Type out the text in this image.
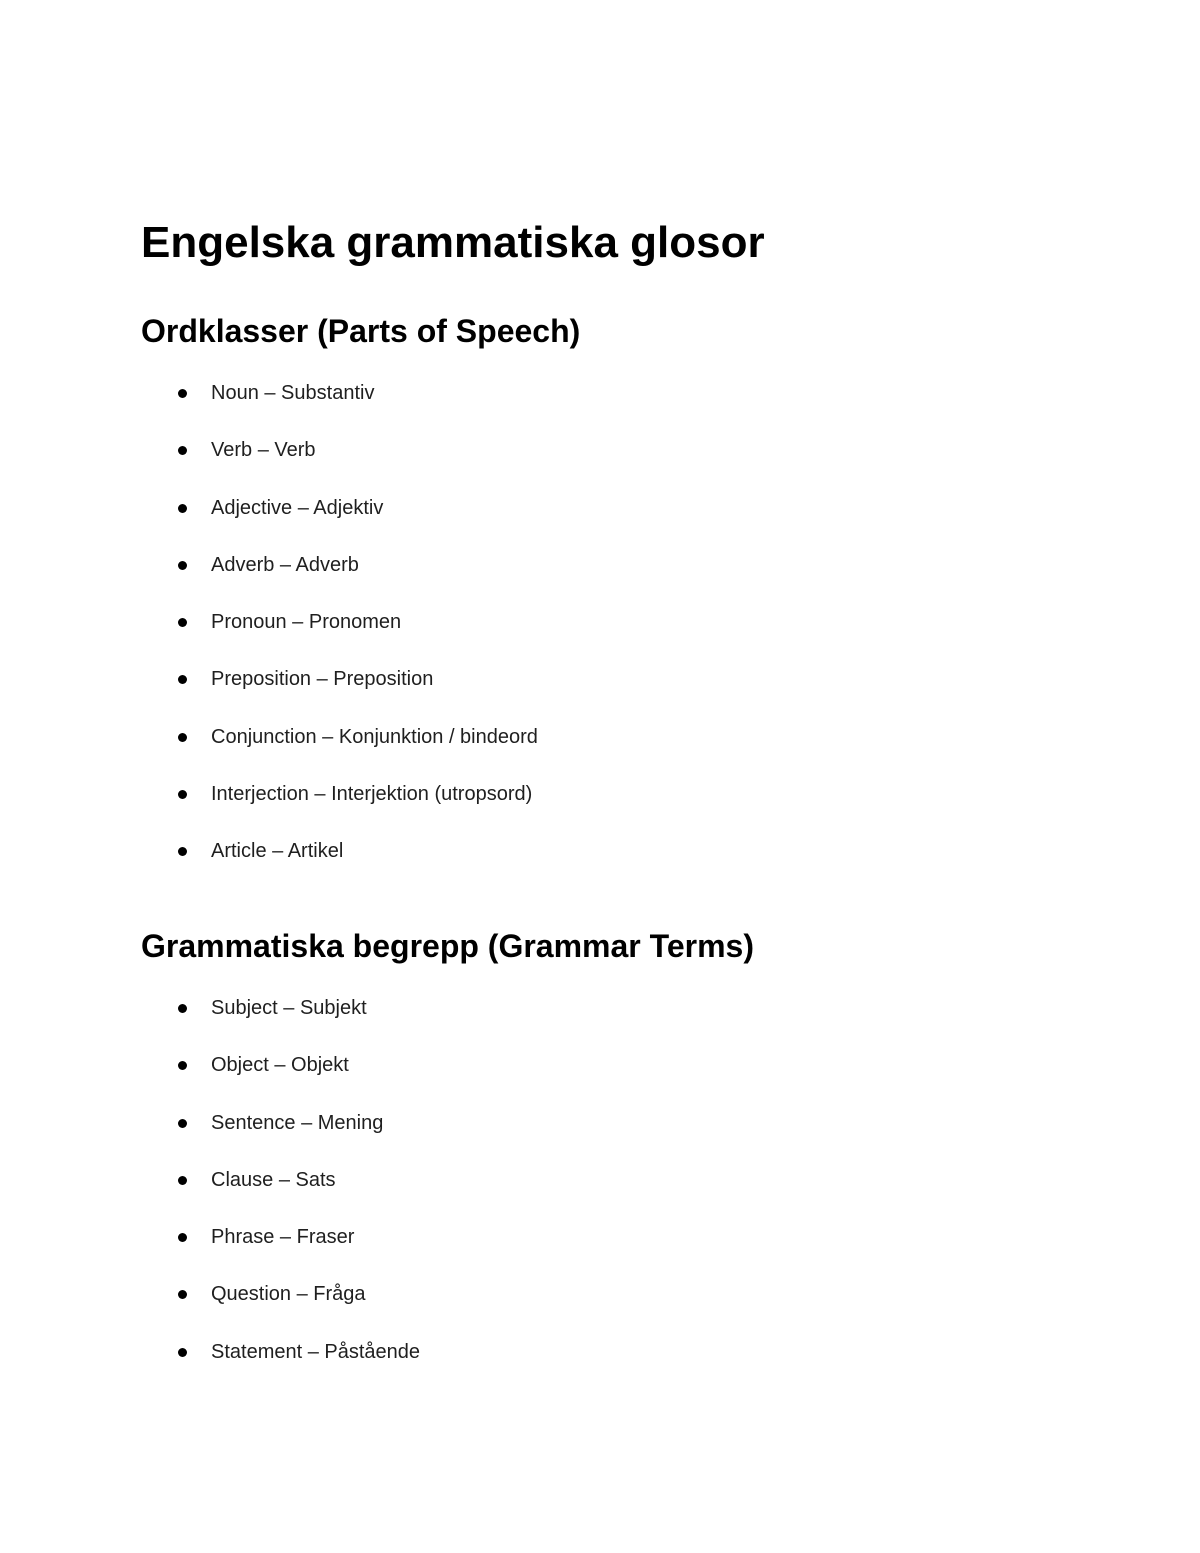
Engelska grammatiska glosor
Ordklasser (Parts of Speech)
Noun – Substantiv
Verb – Verb
Adjective – Adjektiv
Adverb – Adverb
Pronoun – Pronomen
Preposition – Preposition
Conjunction – Konjunktion / bindeord
Interjection – Interjektion (utropsord)
Article – Artikel
Grammatiska begrepp (Grammar Terms)
Subject – Subjekt
Object – Objekt
Sentence – Mening
Clause – Sats
Phrase – Fraser
Question – Fråga
Statement – Påstående
